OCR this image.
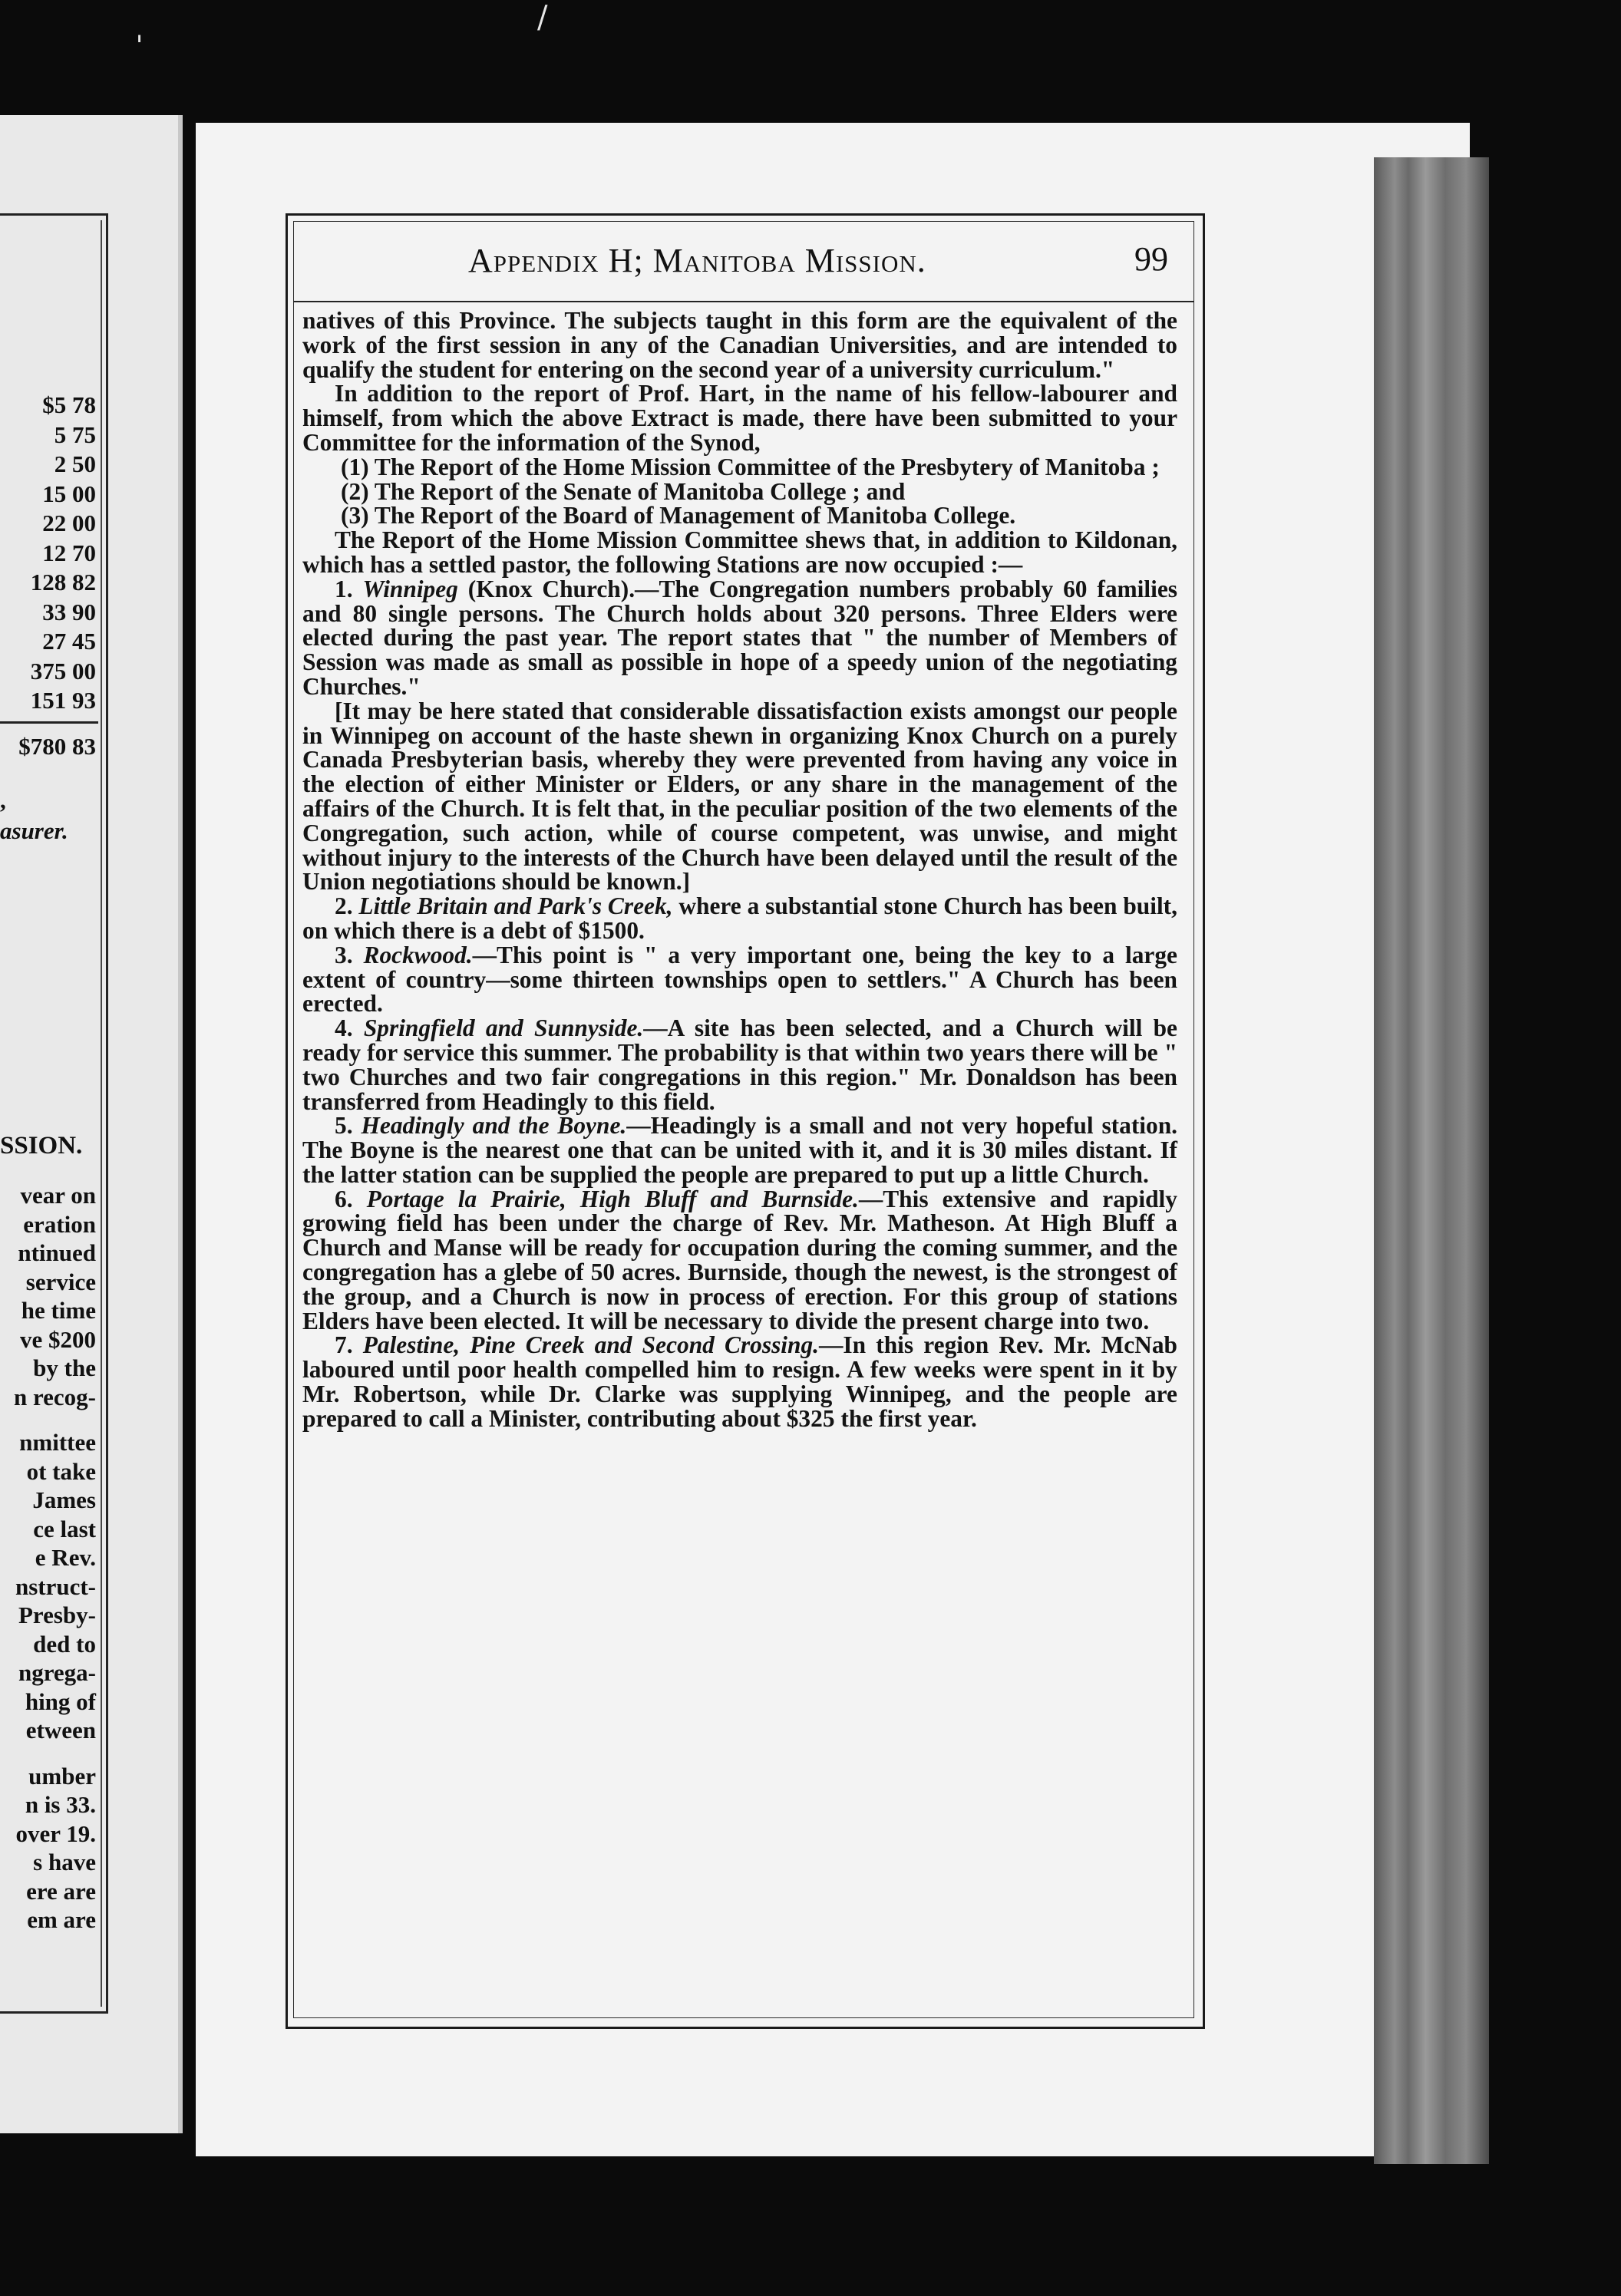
ˌ	/
$5 78
5 75
2 50
15 00
22 00
12 70
128 82
33 90
27 45
375 00
151 93
$780 83
,
asurer.
SSION.
vear on
eration
ntinued
service
he time
ve $200
by the
n recog-
nmittee
ot take
James
ce last
e Rev.
nstruct-
Presby-
ded to
ngrega-
hing of
etween
umber
n is 33.
over 19.
s have
ere are
em are
Appendix H; Manitoba Mission.	99

natives of this Province. The subjects taught in this form are the equivalent of the work of the first session in any of the Canadian Universities, and are intended to qualify the student for entering on the second year of a university curriculum."

In addition to the report of Prof. Hart, in the name of his fellow-labourer and himself, from which the above Extract is made, there have been submitted to your Committee for the information of the Synod,

(1) The Report of the Home Mission Committee of the Presbytery of Manitoba ;

(2) The Report of the Senate of Manitoba College ; and

(3) The Report of the Board of Management of Manitoba College.

The Report of the Home Mission Committee shews that, in addition to Kildonan, which has a settled pastor, the following Stations are now occupied :—

1. Winnipeg (Knox Church).—The Congregation numbers probably 60 families and 80 single persons. The Church holds about 320 persons. Three Elders were elected during the past year. The report states that " the number of Members of Session was made as small as possible in hope of a speedy union of the negotiating Churches."

[It may be here stated that considerable dissatisfaction exists amongst our people in Winnipeg on account of the haste shewn in organizing Knox Church on a purely Canada Presbyterian basis, whereby they were prevented from having any voice in the election of either Minister or Elders, or any share in the management of the affairs of the Church. It is felt that, in the peculiar position of the two elements of the Congregation, such action, while of course competent, was unwise, and might without injury to the interests of the Church have been delayed until the result of the Union negotiations should be known.]

2. Little Britain and Park's Creek, where a substantial stone Church has been built, on which there is a debt of $1500.

3. Rockwood.—This point is " a very important one, being the key to a large extent of country—some thirteen townships open to settlers." A Church has been erected.

4. Springfield and Sunnyside.—A site has been selected, and a Church will be ready for service this summer. The probability is that within two years there will be " two Churches and two fair congregations in this region." Mr. Donaldson has been transferred from Headingly to this field.

5. Headingly and the Boyne.—Headingly is a small and not very hopeful station. The Boyne is the nearest one that can be united with it, and it is 30 miles distant. If the latter station can be supplied the people are prepared to put up a little Church.

6. Portage la Prairie, High Bluff and Burnside.—This extensive and rapidly growing field has been under the charge of Rev. Mr. Matheson. At High Bluff a Church and Manse will be ready for occupation during the coming summer, and the congregation has a glebe of 50 acres. Burnside, though the newest, is the strongest of the group, and a Church is now in process of erection. For this group of stations Elders have been elected. It will be necessary to divide the present charge into two.

7. Palestine, Pine Creek and Second Crossing.—In this region Rev. Mr. McNab laboured until poor health compelled him to resign. A few weeks were spent in it by Mr. Robertson, while Dr. Clarke was supplying Winnipeg, and the people are prepared to call a Minister, contributing about $325 the first year.
